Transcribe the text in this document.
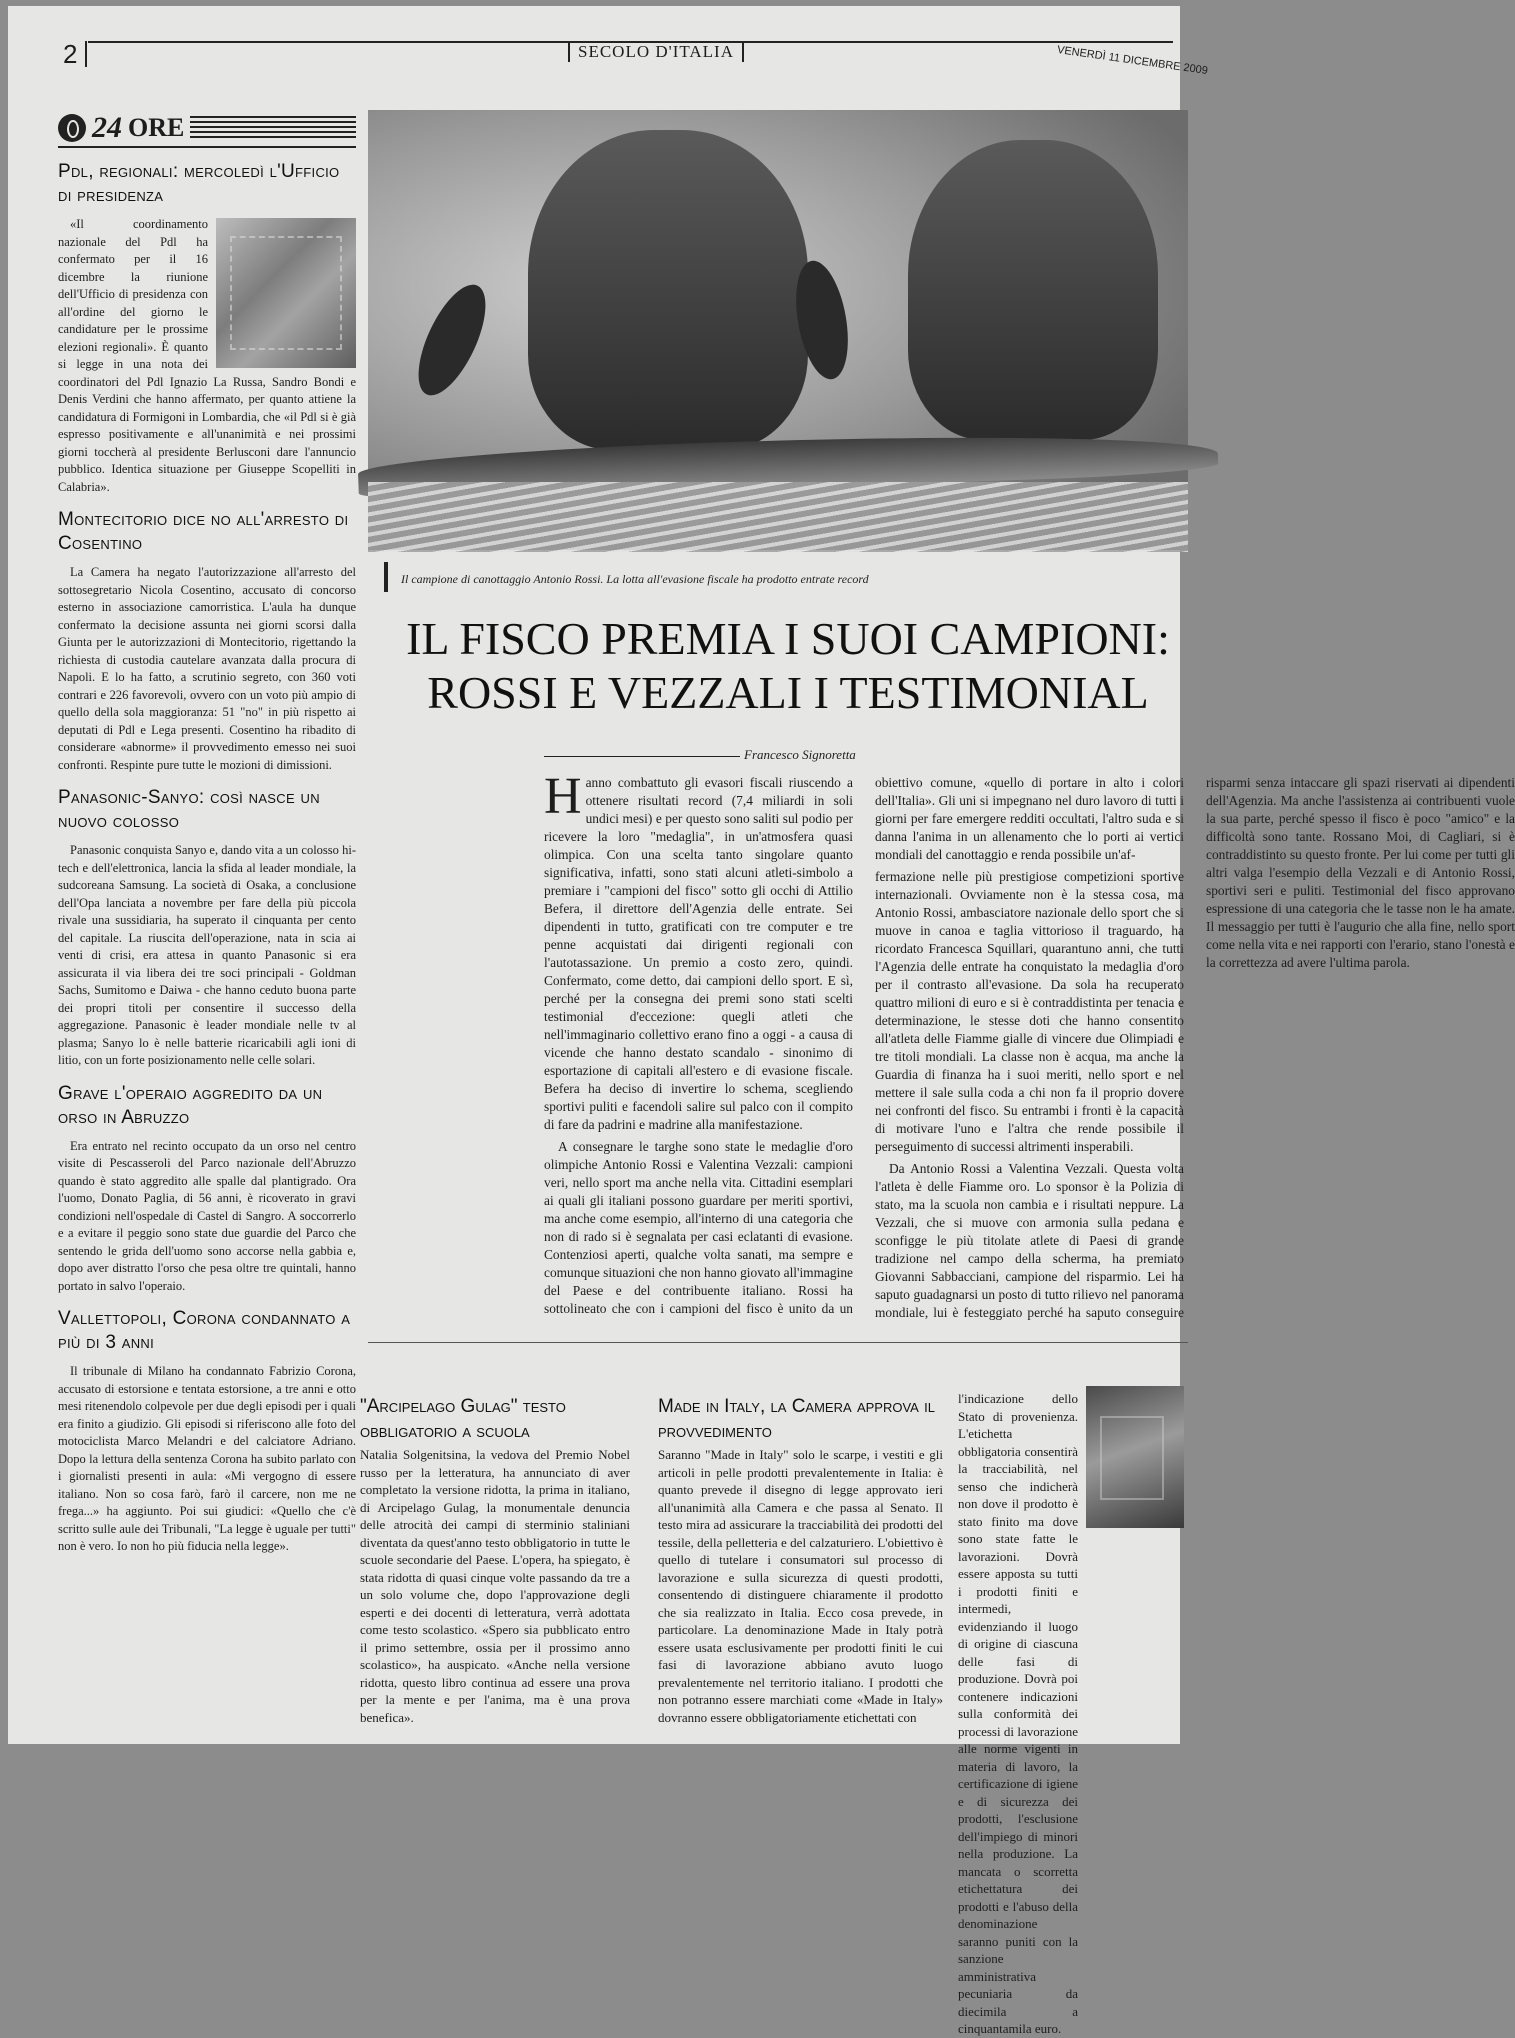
2	SECOLO D'ITALIA	VENERDÌ 11 DICEMBRE 2009
24 ORE
Pdl, regionali: mercoledì l'Ufficio di presidenza

«Il coordinamento nazionale del Pdl ha confermato per il 16 dicembre la riunione dell'Ufficio di presidenza con all'ordine del giorno le candidature per le prossime elezioni regionali». È quanto si legge in una nota dei coordinatori del Pdl Ignazio La Russa, Sandro Bondi e Denis Verdini che hanno affermato, per quanto attiene la candidatura di Formigoni in Lombardia, che «il Pdl si è già espresso positivamente e all'unanimità e nei prossimi giorni toccherà al presidente Berlusconi dare l'annuncio pubblico. Identica situazione per Giuseppe Scopelliti in Calabria».

Montecitorio dice no all'arresto di Cosentino

La Camera ha negato l'autorizzazione all'arresto del sottosegretario Nicola Cosentino, accusato di concorso esterno in associazione camorristica. L'aula ha dunque confermato la decisione assunta nei giorni scorsi dalla Giunta per le autorizzazioni di Montecitorio, rigettando la richiesta di custodia cautelare avanzata dalla procura di Napoli. E lo ha fatto, a scrutinio segreto, con 360 voti contrari e 226 favorevoli, ovvero con un voto più ampio di quello della sola maggioranza: 51 "no" in più rispetto ai deputati di Pdl e Lega presenti. Cosentino ha ribadito di considerare «abnorme» il provvedimento emesso nei suoi confronti. Respinte pure tutte le mozioni di dimissioni.

Panasonic-Sanyo: così nasce un nuovo colosso

Panasonic conquista Sanyo e, dando vita a un colosso hi-tech e dell'elettronica, lancia la sfida al leader mondiale, la sudcoreana Samsung. La società di Osaka, a conclusione dell'Opa lanciata a novembre per fare della più piccola rivale una sussidiaria, ha superato il cinquanta per cento del capitale. La riuscita dell'operazione, nata in scia ai venti di crisi, era attesa in quanto Panasonic si era assicurata il via libera dei tre soci principali - Goldman Sachs, Sumitomo e Daiwa - che hanno ceduto buona parte dei propri titoli per consentire il successo della aggregazione. Panasonic è leader mondiale nelle tv al plasma; Sanyo lo è nelle batterie ricaricabili agli ioni di litio, con un forte posizionamento nelle celle solari.

Grave l'operaio aggredito da un orso in Abruzzo

Era entrato nel recinto occupato da un orso nel centro visite di Pescasseroli del Parco nazionale dell'Abruzzo quando è stato aggredito alle spalle dal plantigrado. Ora l'uomo, Donato Paglia, di 56 anni, è ricoverato in gravi condizioni nell'ospedale di Castel di Sangro. A soccorrerlo e a evitare il peggio sono state due guardie del Parco che sentendo le grida dell'uomo sono accorse nella gabbia e, dopo aver distratto l'orso che pesa oltre tre quintali, hanno portato in salvo l'operaio.

Vallettopoli, Corona condannato a più di 3 anni

Il tribunale di Milano ha condannato Fabrizio Corona, accusato di estorsione e tentata estorsione, a tre anni e otto mesi ritenendolo colpevole per due degli episodi per i quali era finito a giudizio. Gli episodi si riferiscono alle foto del motociclista Marco Melandri e del calciatore Adriano. Dopo la lettura della sentenza Corona ha subito parlato con i giornalisti presenti in aula: «Mi vergogno di essere italiano. Non so cosa farò, farò il carcere, non me ne frega...» ha aggiunto. Poi sui giudici: «Quello che c'è scritto sulle aule dei Tribunali, "La legge è uguale per tutti" non è vero. Io non ho più fiducia nella legge».

Il campione di canottaggio Antonio Rossi. La lotta all'evasione fiscale ha prodotto entrate record
IL FISCO PREMIA I SUOI CAMPIONI:
ROSSI E VEZZALI I TESTIMONIAL
Francesco Signoretta

Hanno combattuto gli evasori fiscali riuscendo a ottenere risultati record (7,4 miliardi in soli undici mesi) e per questo sono saliti sul podio per ricevere la loro "medaglia", in un'atmosfera quasi olimpica. Con una scelta tanto singolare quanto significativa, infatti, sono stati alcuni atleti-simbolo a premiare i "campioni del fisco" sotto gli occhi di Attilio Befera, il direttore dell'Agenzia delle entrate. Sei dipendenti in tutto, gratificati con tre computer e tre penne acquistati dai dirigenti regionali con l'autotassazione. Un premio a costo zero, quindi. Confermato, come detto, dai campioni dello sport. E sì, perché per la consegna dei premi sono stati scelti testimonial d'eccezione: quegli atleti che nell'immaginario collettivo erano fino a oggi - a causa di vicende che hanno destato scandalo - sinonimo di esportazione di capitali all'estero e di evasione fiscale. Befera ha deciso di invertire lo schema, scegliendo sportivi puliti e facendoli salire sul palco con il compito di fare da padrini e madrine alla manifestazione.

A consegnare le targhe sono state le medaglie d'oro olimpiche Antonio Rossi e Valentina Vezzali: campioni veri, nello sport ma anche nella vita. Cittadini esemplari ai quali gli italiani possono guardare per meriti sportivi, ma anche come esempio, all'interno di una categoria che non di rado si è segnalata per casi eclatanti di evasione. Contenziosi aperti, qualche volta sanati, ma sempre e comunque situazioni che non hanno giovato all'immagine del Paese e del contribuente italiano. Rossi ha sottolineato che con i campioni del fisco è unito da un obiettivo comune, «quello di portare in alto i colori dell'Italia». Gli uni si impegnano nel duro lavoro di tutti i giorni per fare emergere redditi occultati, l'altro suda e si danna l'anima in un allenamento che lo porti ai vertici mondiali del canottaggio e renda possibile un'af-

fermazione nelle più prestigiose competizioni sportive internazionali. Ovviamente non è la stessa cosa, ma Antonio Rossi, ambasciatore nazionale dello sport che si muove in canoa e taglia vittorioso il traguardo, ha ricordato Francesca Squillari, quarantuno anni, che tutti l'Agenzia delle entrate ha conquistato la medaglia d'oro per il contrasto all'evasione. Da sola ha recuperato quattro milioni di euro e si è contraddistinta per tenacia e determinazione, le stesse doti che hanno consentito all'atleta delle Fiamme gialle di vincere due Olimpiadi e tre titoli mondiali. La classe non è acqua, ma anche la Guardia di finanza ha i suoi meriti, nello sport e nel mettere il sale sulla coda a chi non fa il proprio dovere nei confronti del fisco. Su entrambi i fronti è la capacità di motivare l'uno e l'altra che rende possibile il perseguimento di successi altrimenti insperabili.

Da Antonio Rossi a Valentina Vezzali. Questa volta l'atleta è delle Fiamme oro. Lo sponsor è la Polizia di stato, ma la scuola non cambia e i risultati neppure. La Vezzali, che si muove con armonia sulla pedana e sconfigge le più titolate atlete di Paesi di grande tradizione nel campo della scherma, ha premiato Giovanni Sabbacciani, campione del risparmio. Lei ha saputo guadagnarsi un posto di tutto rilievo nel panorama mondiale, lui è festeggiato perché ha saputo conseguire risparmi senza intaccare gli spazi riservati ai dipendenti dell'Agenzia. Ma anche l'assistenza ai contribuenti vuole la sua parte, perché spesso il fisco è poco "amico" e la difficoltà sono tante. Rossano Moi, di Cagliari, si è contraddistinto su questo fronte. Per lui come per tutti gli altri valga l'esempio della Vezzali e di Antonio Rossi, sportivi seri e puliti. Testimonial del fisco approvano espressione di una categoria che le tasse non le ha amate. Il messaggio per tutti è l'augurio che alla fine, nello sport come nella vita e nei rapporti con l'erario, stano l'onestà e la correttezza ad avere l'ultima parola.

"Arcipelago Gulag" testo obbligatorio a scuola
Natalia Solgenitsina, la vedova del Premio Nobel russo per la letteratura, ha annunciato di aver completato la versione ridotta, la prima in italiano, di Arcipelago Gulag, la monumentale denuncia delle atrocità dei campi di sterminio staliniani diventata da quest'anno testo obbligatorio in tutte le scuole secondarie del Paese. L'opera, ha spiegato, è stata ridotta di quasi cinque volte passando da tre a un solo volume che, dopo l'approvazione degli esperti e dei docenti di letteratura, verrà adottata come testo scolastico. «Spero sia pubblicato entro il primo settembre, ossia per il prossimo anno scolastico», ha auspicato. «Anche nella versione ridotta, questo libro continua ad essere una prova per la mente e per l'anima, ma è una prova benefica».
Made in Italy, la Camera approva il provvedimento
Saranno "Made in Italy" solo le scarpe, i vestiti e gli articoli in pelle prodotti prevalentemente in Italia: è quanto prevede il disegno di legge approvato ieri all'unanimità alla Camera e che passa al Senato. Il testo mira ad assicurare la tracciabilità dei prodotti del tessile, della pelletteria e del calzaturiero. L'obiettivo è quello di tutelare i consumatori sul processo di lavorazione e sulla sicurezza di questi prodotti, consentendo di distinguere chiaramente il prodotto che sia realizzato in Italia. Ecco cosa prevede, in particolare. La denominazione Made in Italy potrà essere usata esclusivamente per prodotti finiti le cui fasi di lavorazione abbiano avuto luogo prevalentemente nel territorio italiano. I prodotti che non potranno essere marchiati come «Made in Italy» dovranno essere obbligatoriamente etichettati con
l'indicazione dello Stato di provenienza. L'etichetta obbligatoria consentirà la tracciabilità, nel senso che indicherà non dove il prodotto è stato finito ma dove sono state fatte le lavorazioni. Dovrà essere apposta su tutti i prodotti finiti e intermedi, evidenziando il luogo di origine di ciascuna delle fasi di produzione. Dovrà poi contenere indicazioni sulla conformità dei processi di lavorazione alle norme vigenti in materia di lavoro, la certificazione di igiene e di sicurezza dei prodotti, l'esclusione dell'impiego di minori nella produzione. La mancata o scorretta etichettatura dei prodotti e l'abuso della denominazione saranno puniti con la sanzione amministrativa pecuniaria da diecimila a cinquantamila euro.
